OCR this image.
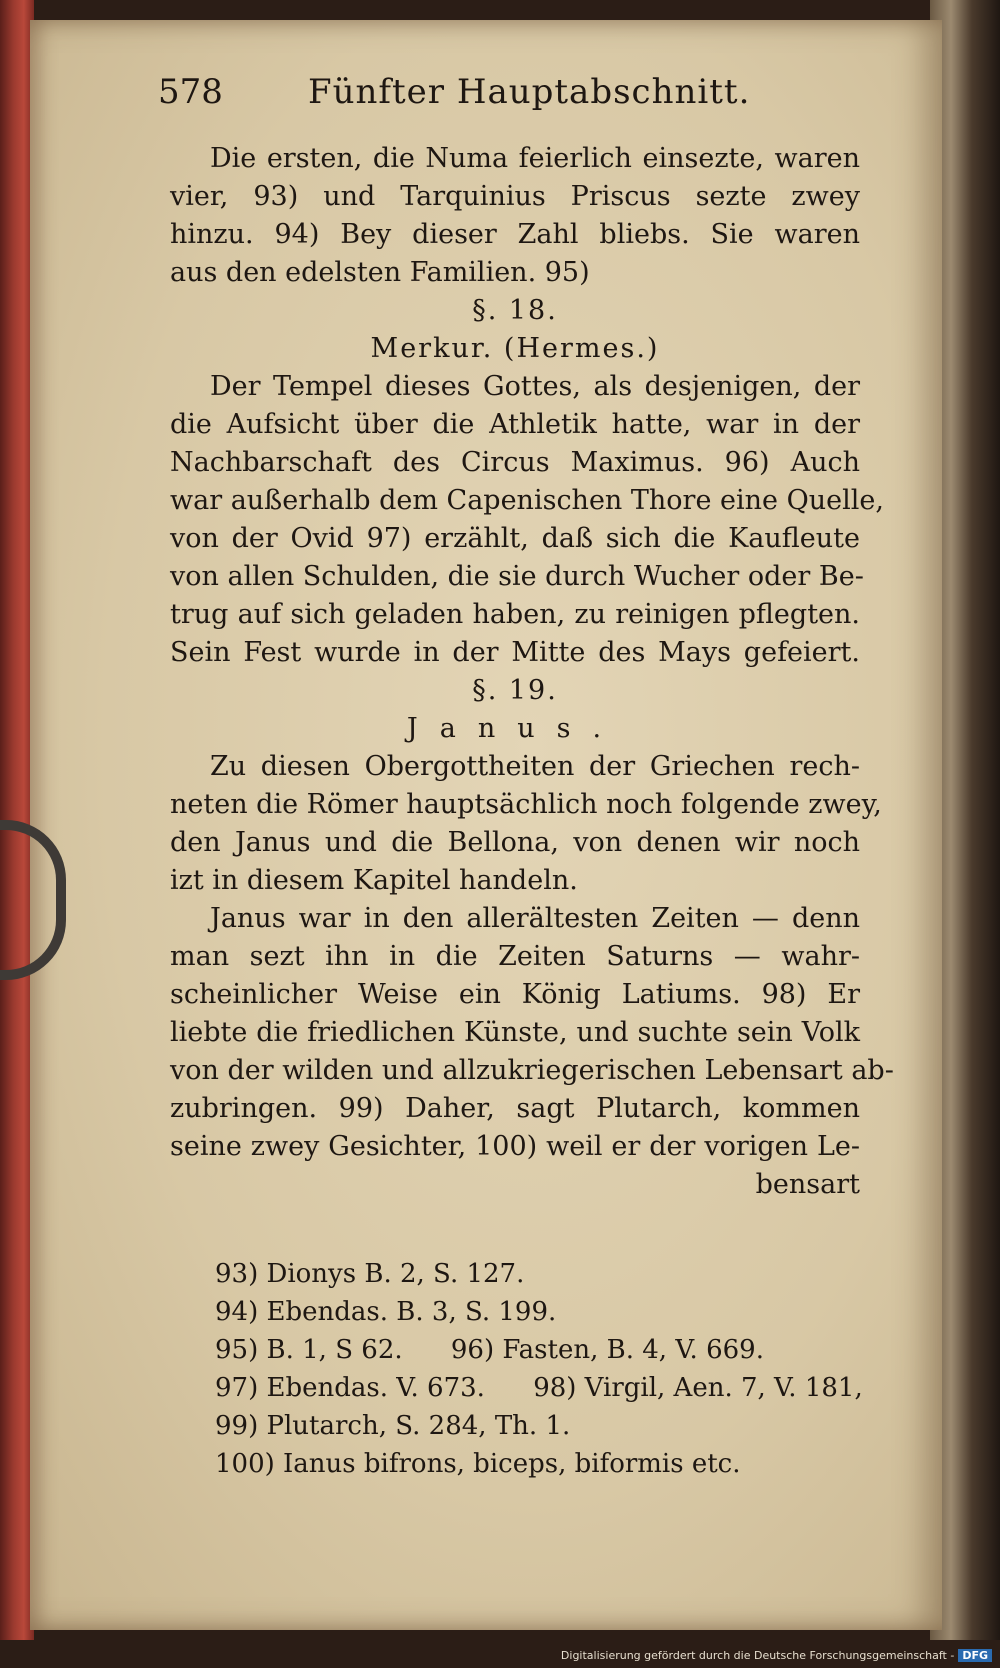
578	Fünfter Hauptabschnitt.
Die ersten, die Numa feierlich einsezte, waren
vier, 93) und Tarquinius Priscus sezte zwey
hinzu. 94) Bey dieser Zahl bliebs. Sie waren
aus den edelsten Familien. 95)
§. 18.
Merkur. (Hermes.)
Der Tempel dieses Gottes, als desjenigen, der
die Aufsicht über die Athletik hatte, war in der
Nachbarschaft des Circus Maximus. 96) Auch
war außerhalb dem Capenischen Thore eine Quelle,
von der Ovid 97) erzählt, daß sich die Kaufleute
von allen Schulden, die sie durch Wucher oder Be-
trug auf sich geladen haben, zu reinigen pflegten.
Sein Fest wurde in der Mitte des Mays gefeiert.
§. 19.
Janus.
Zu diesen Obergottheiten der Griechen rech-
neten die Römer hauptsächlich noch folgende zwey,
den Janus und die Bellona, von denen wir noch
izt in diesem Kapitel handeln.
Janus war in den allerältesten Zeiten — denn
man sezt ihn in die Zeiten Saturns — wahr-
scheinlicher Weise ein König Latiums. 98) Er
liebte die friedlichen Künste, und suchte sein Volk
von der wilden und allzukriegerischen Lebensart ab-
zubringen. 99) Daher, sagt Plutarch, kommen
seine zwey Gesichter, 100) weil er der vorigen Le-
bensart
93) Dionys B. 2, S. 127.
94) Ebendas. B. 3, S. 199.
95) B. 1, S 62. 96) Fasten, B. 4, V. 669.
97) Ebendas. V. 673. 98) Virgil, Aen. 7, V. 181,
99) Plutarch, S. 284, Th. 1.
100) Ianus bifrons, biceps, biformis etc.
Digitalisierung gefördert durch die Deutsche Forschungsgemeinschaft - DFG
